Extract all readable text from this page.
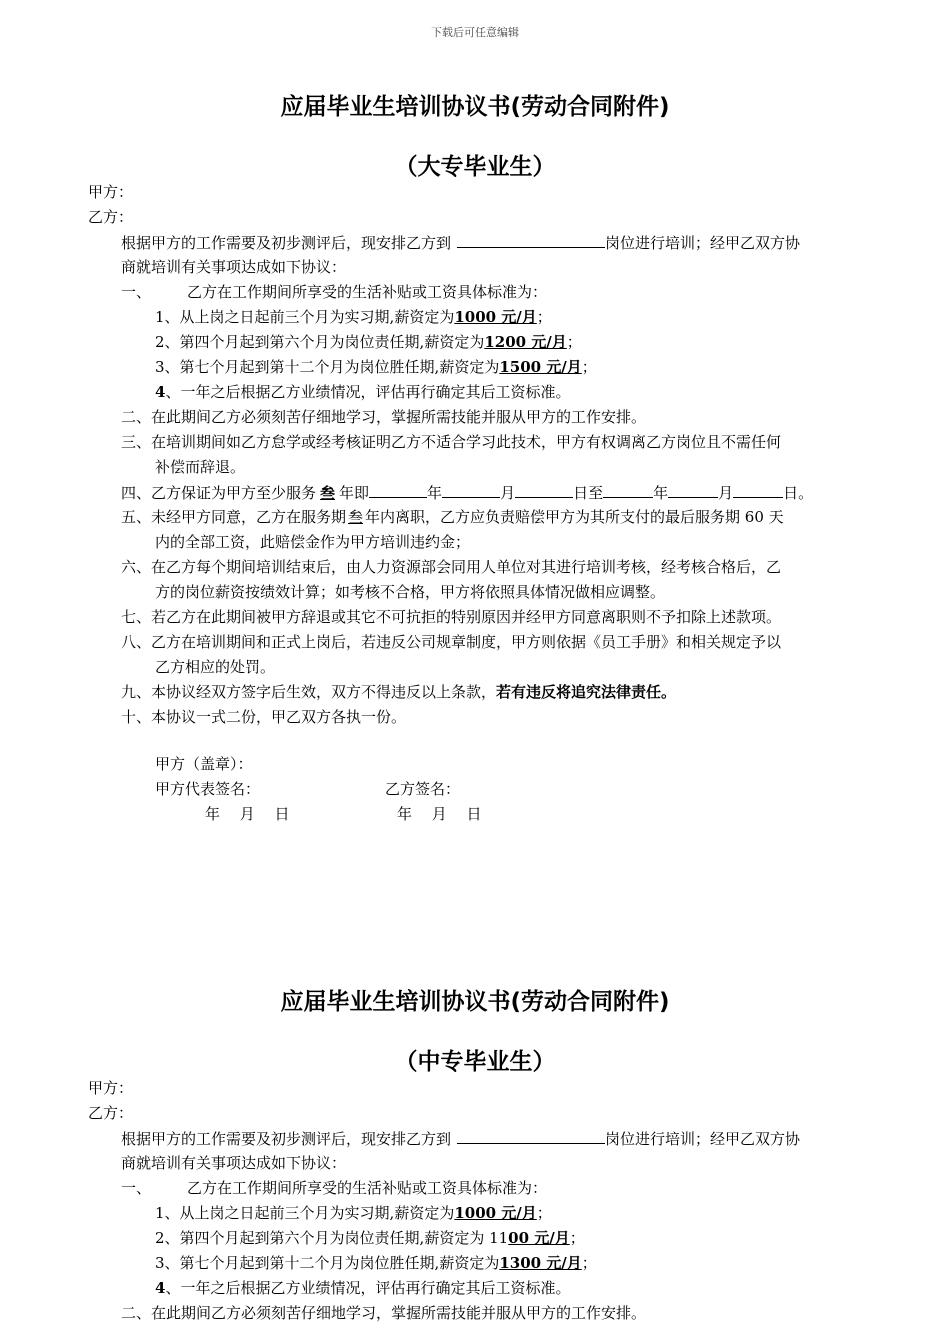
下载后可任意编辑
应届毕业生培训协议书(劳动合同附件)
（大专毕业生）
甲方：
乙方：
根据甲方的工作需要及初步测评后，现安排乙方到	岗位进行培训；经甲乙双方协
商就培训有关事项达成如下协议：
一、 乙方在工作期间所享受的生活补贴或工资具体标准为：
1、从上岗之日起前三个月为实习期,薪资定为1000 元/月；
2、第四个月起到第六个月为岗位责任期,薪资定为1200 元/月；
3、第七个月起到第十二个月为岗位胜任期,薪资定为1500 元/月；
4、一年之后根据乙方业绩情况，评估再行确定其后工资标准。
二、在此期间乙方必须刻苦仔细地学习，掌握所需技能并服从甲方的工作安排。
三、在培训期间如乙方怠学或经考核证明乙方不适合学习此技术，甲方有权调离乙方岗位且不需任何
补偿而辞退。
四、乙方保证为甲方至少服务 叁 年即	年	月	日至	年	月	日。
五、未经甲方同意，乙方在服务期 叁 年内离职，乙方应负责赔偿甲方为其所支付的最后服务期 60 天
内的全部工资，此赔偿金作为甲方培训违约金；
六、在乙方每个期间培训结束后，由人力资源部会同用人单位对其进行培训考核，经考核合格后，乙
方的岗位薪资按绩效计算；如考核不合格，甲方将依照具体情况做相应调整。
七、若乙方在此期间被甲方辞退或其它不可抗拒的特别原因并经甲方同意离职则不予扣除上述款项。
八、乙方在培训期间和正式上岗后，若违反公司规章制度，甲方则依据《员工手册》和相关规定予以
乙方相应的处罚。
九、本协议经双方签字后生效，双方不得违反以上条款，若有违反将追究法律责任。
十、本协议一式二份，甲乙双方各执一份。
甲方（盖章）：
甲方代表签名：	乙方签名：
年　 月　 日	年　 月　 日
应届毕业生培训协议书(劳动合同附件)
（中专毕业生）
甲方：
乙方：
根据甲方的工作需要及初步测评后，现安排乙方到	岗位进行培训；经甲乙双方协
商就培训有关事项达成如下协议：
一、 乙方在工作期间所享受的生活补贴或工资具体标准为：
1、从上岗之日起前三个月为实习期,薪资定为1000 元/月；
2、第四个月起到第六个月为岗位责任期,薪资定为 1100 元/月；
3、第七个月起到第十二个月为岗位胜任期,薪资定为1300 元/月；
4、一年之后根据乙方业绩情况，评估再行确定其后工资标准。
二、在此期间乙方必须刻苦仔细地学习，掌握所需技能并服从甲方的工作安排。
